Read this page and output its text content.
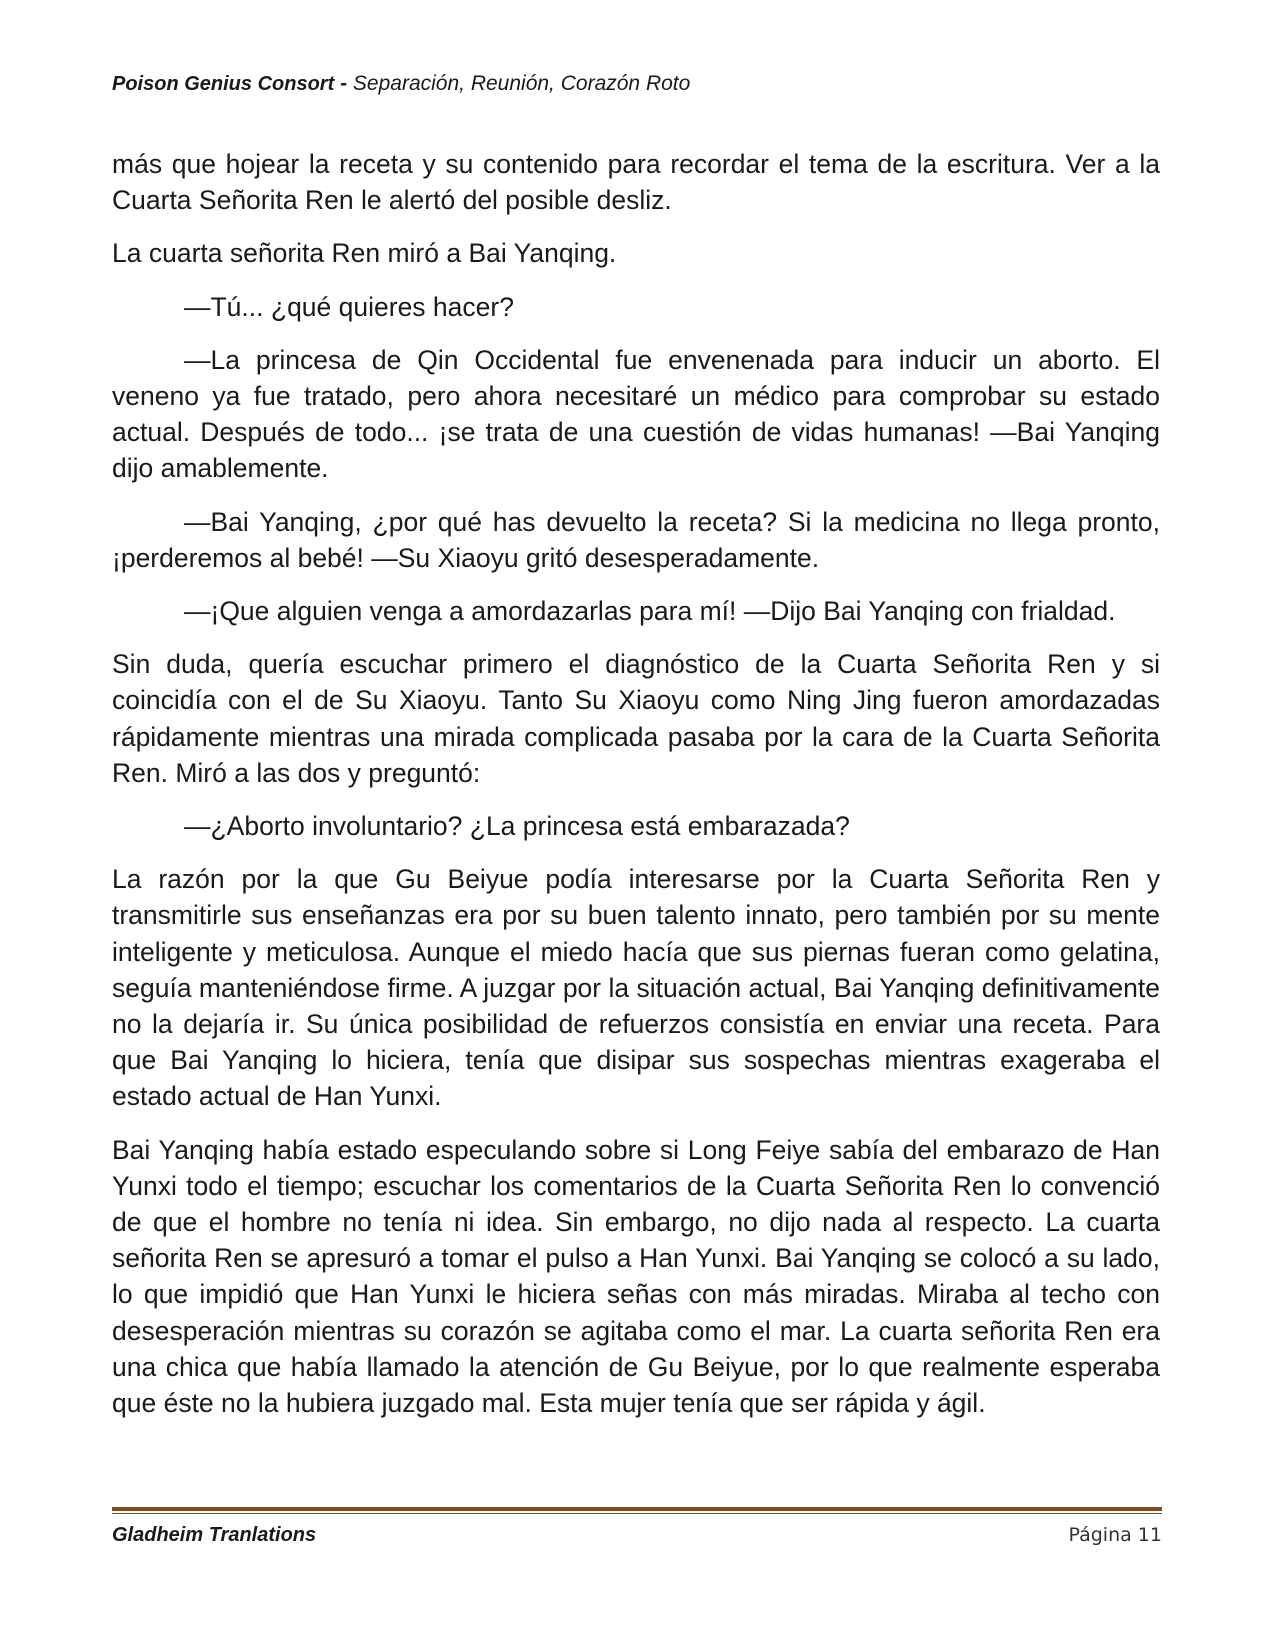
Poison Genius Consort - Separación, Reunión, Corazón Roto

más que hojear la receta y su contenido para recordar el tema de la escritura. Ver a la Cuarta Señorita Ren le alertó del posible desliz.

La cuarta señorita Ren miró a Bai Yanqing.

—Tú... ¿qué quieres hacer?

—La princesa de Qin Occidental fue envenenada para inducir un aborto. El veneno ya fue tratado, pero ahora necesitaré un médico para comprobar su estado actual. Después de todo... ¡se trata de una cuestión de vidas humanas! —Bai Yanqing dijo amablemente.

—Bai Yanqing, ¿por qué has devuelto la receta? Si la medicina no llega pronto, ¡perderemos al bebé! —Su Xiaoyu gritó desesperadamente.

—¡Que alguien venga a amordazarlas para mí! —Dijo Bai Yanqing con frialdad.

Sin duda, quería escuchar primero el diagnóstico de la Cuarta Señorita Ren y si coincidía con el de Su Xiaoyu. Tanto Su Xiaoyu como Ning Jing fueron amordazadas rápidamente mientras una mirada complicada pasaba por la cara de la Cuarta Señorita Ren. Miró a las dos y preguntó:

—¿Aborto involuntario? ¿La princesa está embarazada?

La razón por la que Gu Beiyue podía interesarse por la Cuarta Señorita Ren y transmitirle sus enseñanzas era por su buen talento innato, pero también por su mente inteligente y meticulosa. Aunque el miedo hacía que sus piernas fueran como gelatina, seguía manteniéndose firme. A juzgar por la situación actual, Bai Yanqing definitivamente no la dejaría ir. Su única posibilidad de refuerzos consistía en enviar una receta. Para que Bai Yanqing lo hiciera, tenía que disipar sus sospechas mientras exageraba el estado actual de Han Yunxi.

Bai Yanqing había estado especulando sobre si Long Feiye sabía del embarazo de Han Yunxi todo el tiempo; escuchar los comentarios de la Cuarta Señorita Ren lo convenció de que el hombre no tenía ni idea. Sin embargo, no dijo nada al respecto. La cuarta señorita Ren se apresuró a tomar el pulso a Han Yunxi. Bai Yanqing se colocó a su lado, lo que impidió que Han Yunxi le hiciera señas con más miradas. Miraba al techo con desesperación mientras su corazón se agitaba como el mar. La cuarta señorita Ren era una chica que había llamado la atención de Gu Beiyue, por lo que realmente esperaba que éste no la hubiera juzgado mal. Esta mujer tenía que ser rápida y ágil.

Gladheim Tranlations	Página 11
